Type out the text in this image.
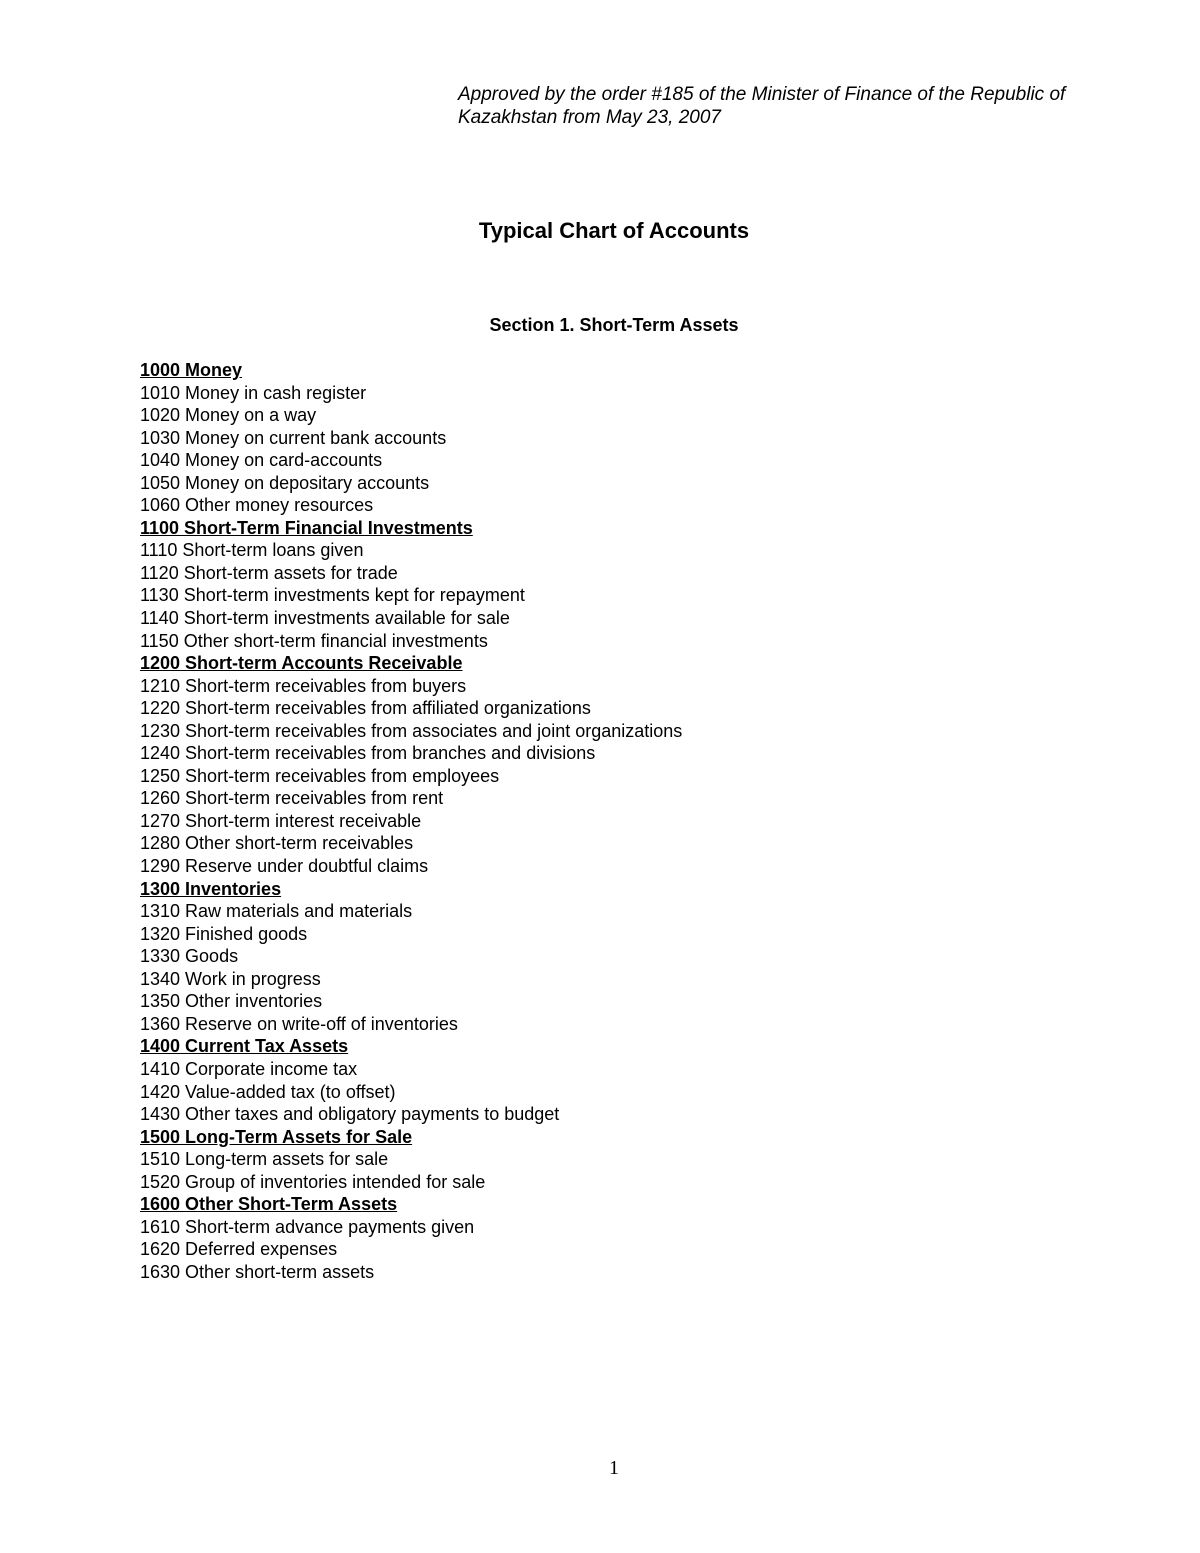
Approved by the order #185 of the Minister of Finance of the Republic of Kazakhstan from May 23, 2007

Typical Chart of Accounts
Section 1. Short-Term Assets
1000 Money
1010 Money in cash register
1020 Money on a way
1030 Money on current bank accounts
1040 Money on card-accounts
1050 Money on depositary accounts
1060 Other money resources
1100 Short-Term Financial Investments
1110 Short-term loans given
1120 Short-term assets for trade
1130 Short-term investments kept for repayment
1140 Short-term investments available for sale
1150 Other short-term financial investments
1200 Short-term Accounts Receivable
1210 Short-term receivables from buyers
1220 Short-term receivables from affiliated organizations
1230 Short-term receivables from associates and joint organizations
1240 Short-term receivables from branches and divisions
1250 Short-term receivables from employees
1260 Short-term receivables from rent
1270 Short-term interest receivable
1280 Other short-term receivables
1290 Reserve under doubtful claims
1300 Inventories
1310 Raw materials and materials
1320 Finished goods
1330 Goods
1340 Work in progress
1350 Other inventories
1360 Reserve on write-off of inventories
1400 Current Tax Assets
1410 Corporate income tax
1420 Value-added tax (to offset)
1430 Other taxes and obligatory payments to budget
1500 Long-Term Assets for Sale
1510 Long-term assets for sale
1520 Group of inventories intended for sale
1600 Other Short-Term Assets
1610 Short-term advance payments given
1620 Deferred expenses
1630 Other short-term assets

1
